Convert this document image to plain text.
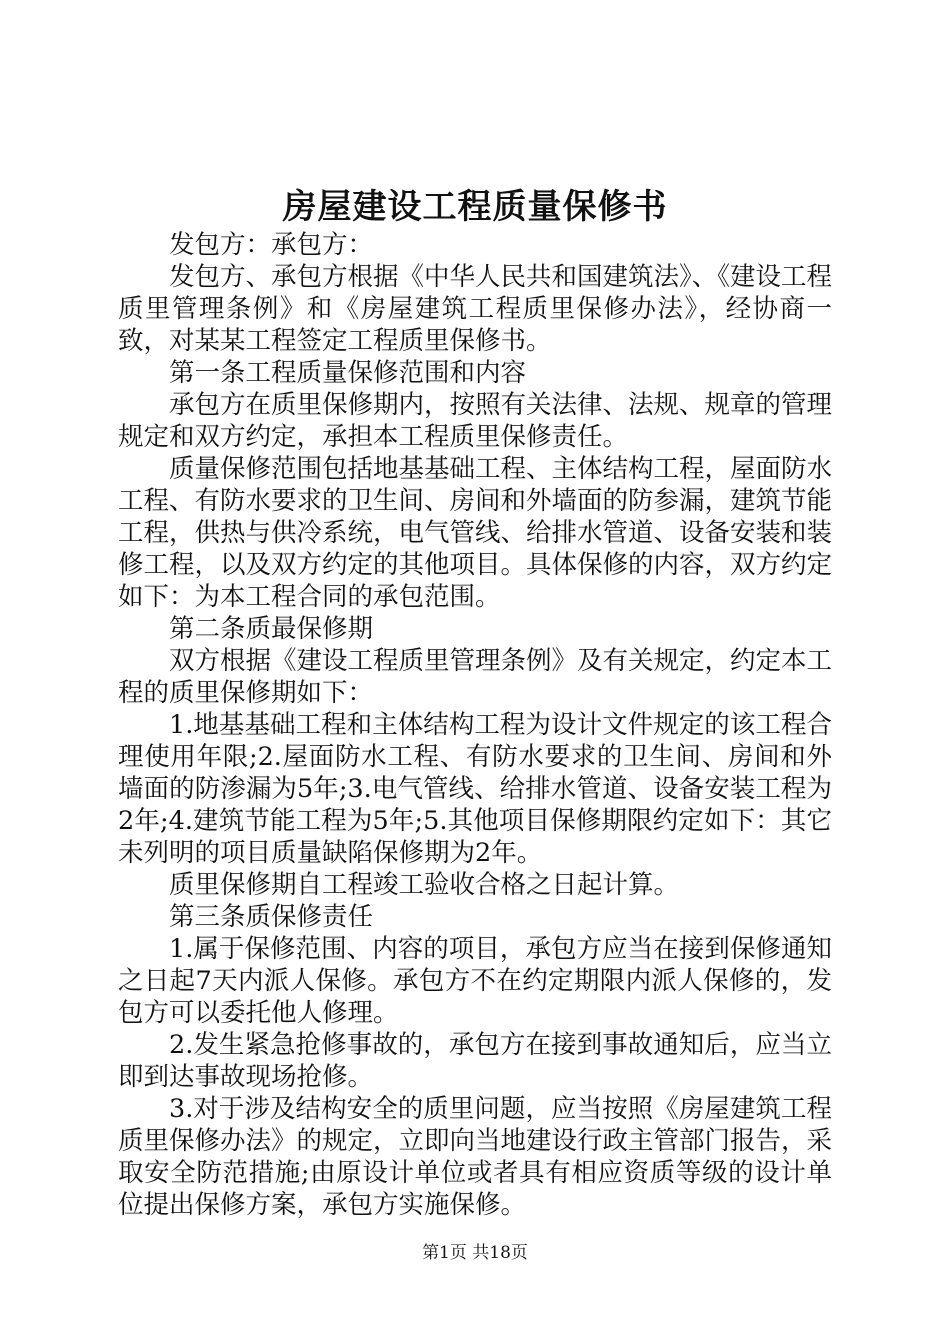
房屋建设工程质量保修书

发包方：承包方：

发包方、承包方根据《中华人民共和国建筑法》、《建设工程质里管理条例》和《房屋建筑工程质里保修办法》，经协商一致，对某某工程签定工程质里保修书。

第一条工程质量保修范围和内容

承包方在质里保修期内，按照有关法律、法规、规章的管理规定和双方约定，承担本工程质里保修责任。

质量保修范围包括地基基础工程、主体结构工程，屋面防水工程、有防水要求的卫生间、房间和外墙面的防参漏，建筑节能工程，供热与供冷系统，电气管线、给排水管道、设备安装和装修工程，以及双方约定的其他项目。具体保修的内容，双方约定如下：为本工程合同的承包范围。

第二条质最保修期

双方根据《建设工程质里管理条例》及有关规定，约定本工程的质里保修期如下：

1.地基基础工程和主体结构工程为设计文件规定的该工程合理使用年限;2.屋面防水工程、有防水要求的卫生间、房间和外墙面的防渗漏为5年;3.电气管线、给排水管道、设备安装工程为2年;4.建筑节能工程为5年;5.其他项目保修期限约定如下：其它未列明的项目质量缺陷保修期为2年。

质里保修期自工程竣工验收合格之日起计算。

第三条质保修责任

1.属于保修范围、内容的项目，承包方应当在接到保修通知之日起7天内派人保修。承包方不在约定期限内派人保修的，发包方可以委托他人修理。

2.发生紧急抢修事故的，承包方在接到事故通知后，应当立即到达事故现场抢修。

3.对于涉及结构安全的质里问题，应当按照《房屋建筑工程质里保修办法》的规定，立即向当地建设行政主管部门报告，采取安全防范措施;由原设计单位或者具有相应资质等级的设计单位提出保修方案，承包方实施保修。

第1页 共18页
